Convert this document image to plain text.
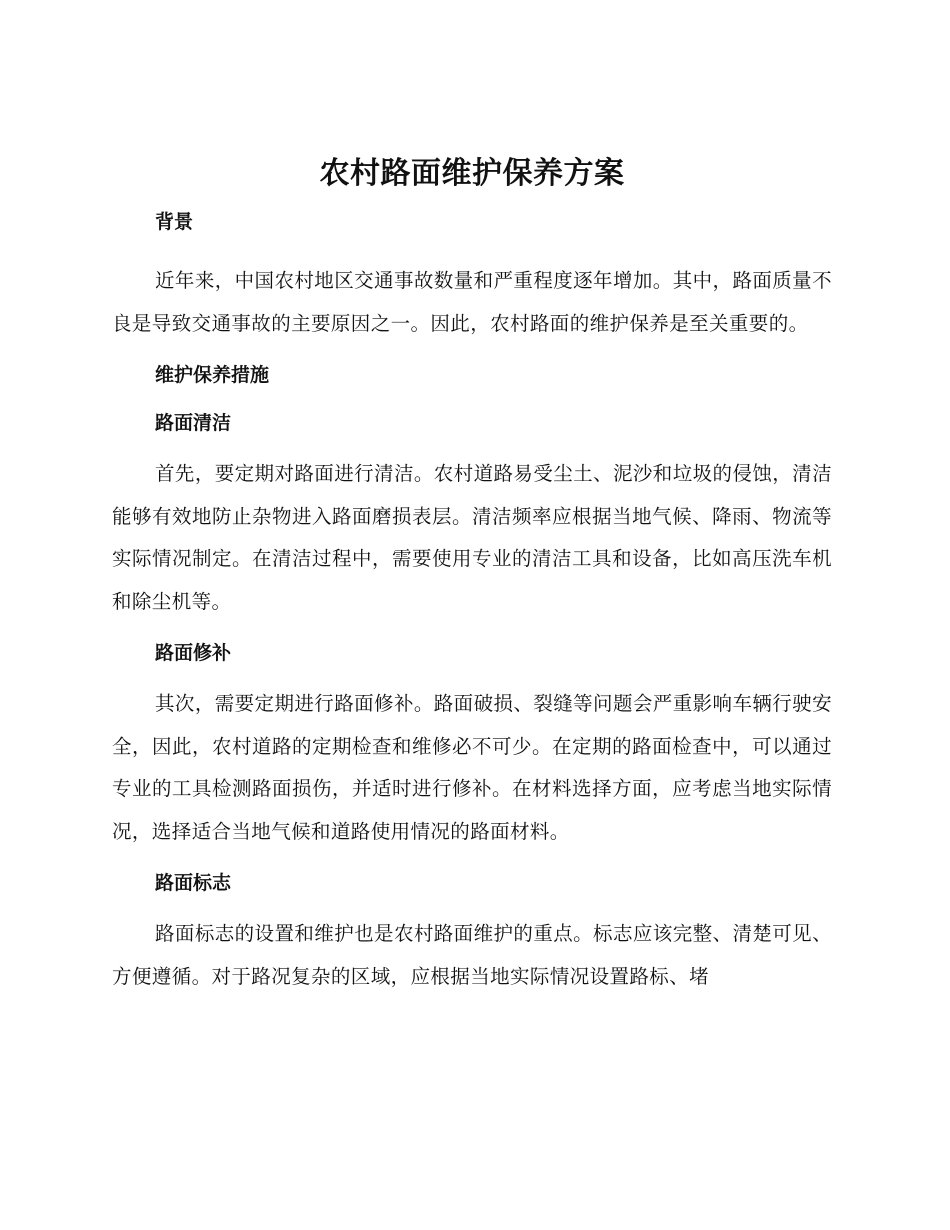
农村路面维护保养方案
背景

近年来，中国农村地区交通事故数量和严重程度逐年增加。其中，路面质量不良是导致交通事故的主要原因之一。因此，农村路面的维护保养是至关重要的。

维护保养措施
路面清洁

首先，要定期对路面进行清洁。农村道路易受尘土、泥沙和垃圾的侵蚀，清洁能够有效地防止杂物进入路面磨损表层。清洁频率应根据当地气候、降雨、物流等实际情况制定。在清洁过程中，需要使用专业的清洁工具和设备，比如高压洗车机和除尘机等。

路面修补

其次，需要定期进行路面修补。路面破损、裂缝等问题会严重影响车辆行驶安全，因此，农村道路的定期检查和维修必不可少。在定期的路面检查中，可以通过专业的工具检测路面损伤，并适时进行修补。在材料选择方面，应考虑当地实际情况，选择适合当地气候和道路使用情况的路面材料。

路面标志

路面标志的设置和维护也是农村路面维护的重点。标志应该完整、清楚可见、方便遵循。对于路况复杂的区域，应根据当地实际情况设置路标、堵
